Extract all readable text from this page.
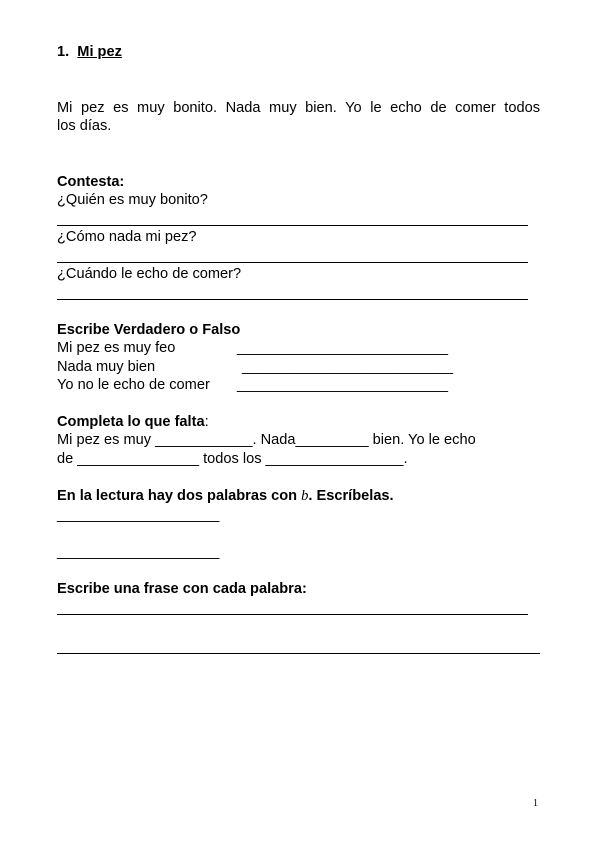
1. Mi pez
Mi pez es muy bonito. Nada muy bien. Yo le echo de comer todos
los días.
Contesta:
¿Quién es muy bonito?
¿Cómo nada mi pez?
¿Cuándo le echo de comer?
Escribe Verdadero o Falso
Mi pez es muy feo	__________________________
Nada muy bien	__________________________
Yo no le echo de comer __________________________
Completa lo que falta:
Mi pez es muy ____________. Nada_________ bien. Yo le echo
de _______________ todos los _________________.
En la lectura hay dos palabras con b. Escríbelas.
____________________
____________________
Escribe una frase con cada palabra:
1
